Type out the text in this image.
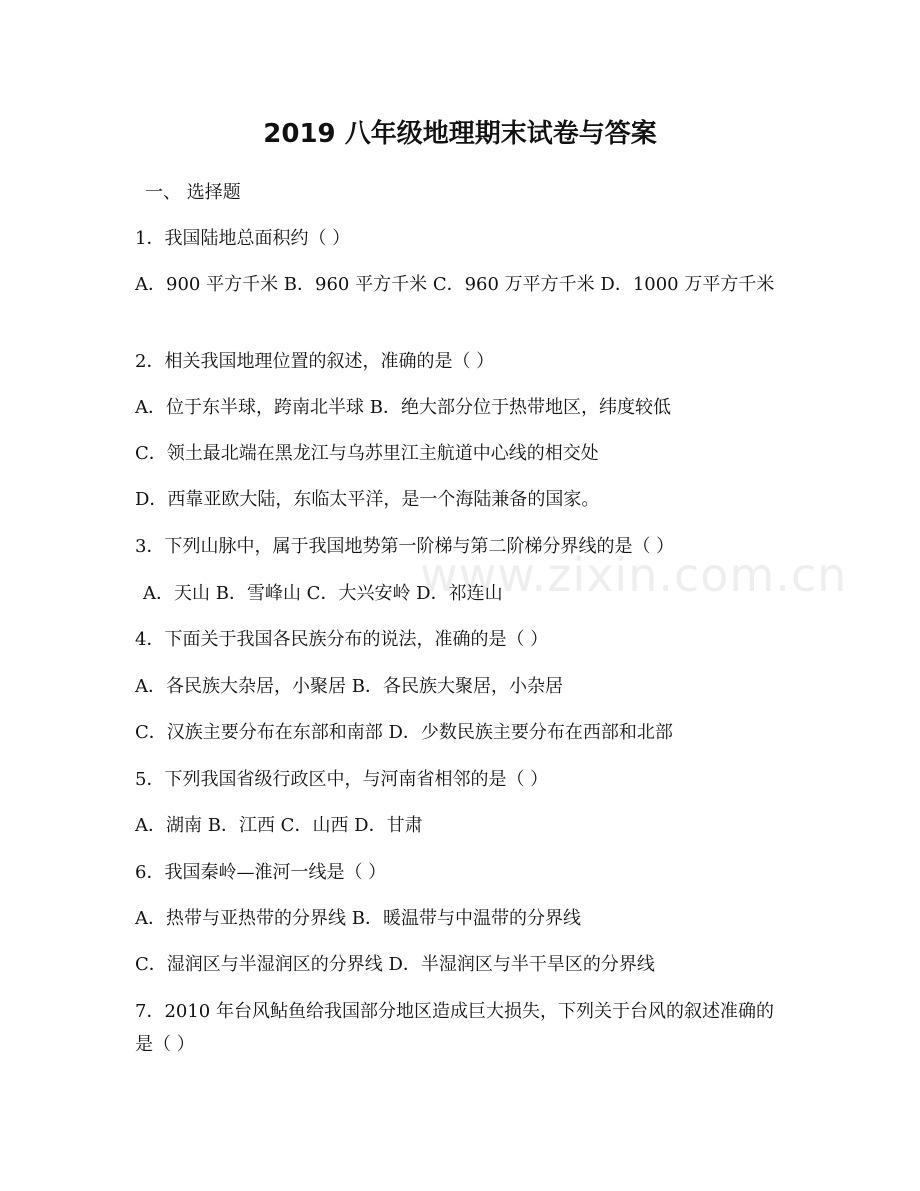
www.zixin.com.cn
2019 八年级地理期末试卷与答案
一、 选择题
1．我国陆地总面积约（ ）
A．900 平方千米 B．960 平方千米 C．960 万平方千米 D．1000 万平方千米
2．相关我国地理位置的叙述，准确的是（ ）
A．位于东半球，跨南北半球 B．绝大部分位于热带地区，纬度较低
C．领土最北端在黑龙江与乌苏里江主航道中心线的相交处
D．西靠亚欧大陆，东临太平洋，是一个海陆兼备的国家。
3．下列山脉中，属于我国地势第一阶梯与第二阶梯分界线的是（ ）
A．天山 B．雪峰山 C．大兴安岭 D．祁连山
4．下面关于我国各民族分布的说法，准确的是（ ）
A．各民族大杂居，小聚居 B．各民族大聚居，小杂居
C．汉族主要分布在东部和南部 D．少数民族主要分布在西部和北部
5．下列我国省级行政区中，与河南省相邻的是（ ）
A．湖南 B．江西 C．山西 D．甘肃
6．我国秦岭—淮河一线是（ ）
A．热带与亚热带的分界线 B．暖温带与中温带的分界线
C．湿润区与半湿润区的分界线 D．半湿润区与半干旱区的分界线
7．2010 年台风鲇鱼给我国部分地区造成巨大损失，下列关于台风的叙述准确的是（ ）
